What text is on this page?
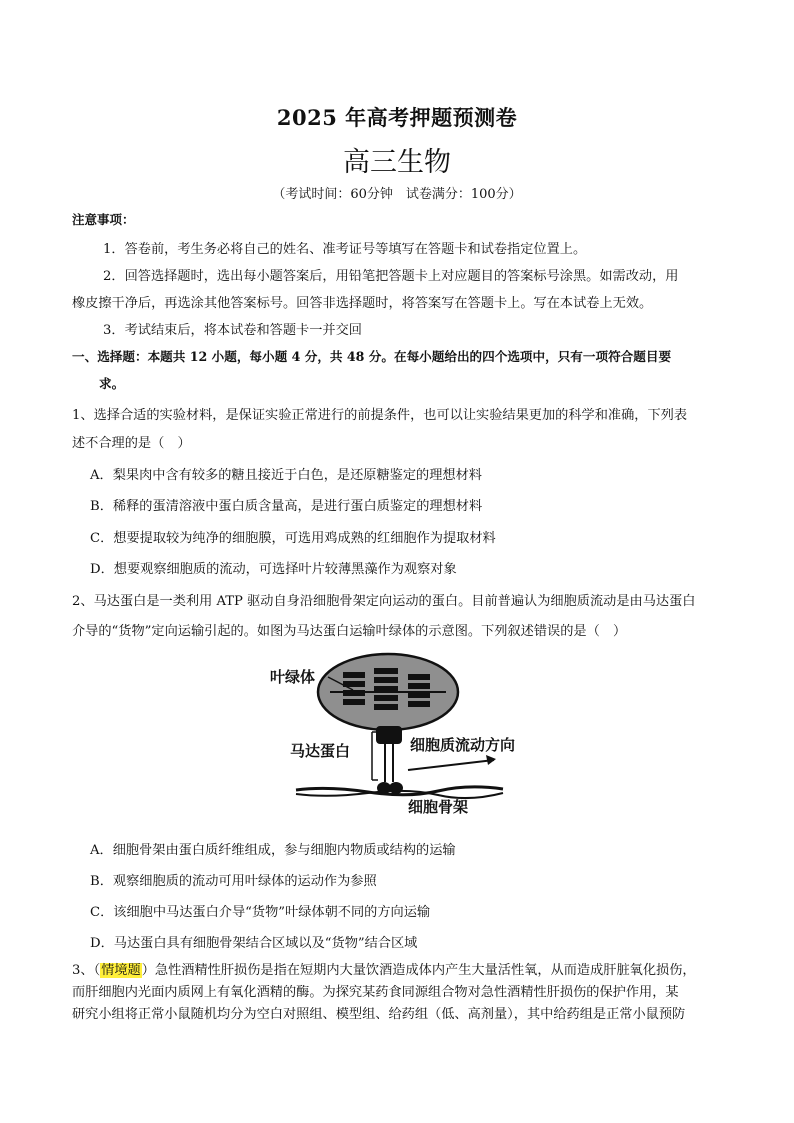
2025 年高考押题预测卷
高三生物
（考试时间：60分钟　试卷满分：100分）
注意事项：
1．答卷前，考生务必将自己的姓名、准考证号等填写在答题卡和试卷指定位置上。
2．回答选择题时，选出每小题答案后，用铅笔把答题卡上对应题目的答案标号涂黑。如需改动，用
橡皮擦干净后，再选涂其他答案标号。回答非选择题时，将答案写在答题卡上。写在本试卷上无效。
3．考试结束后，将本试卷和答题卡一并交回
一、选择题：本题共 12 小题，每小题 4 分，共 48 分。在每小题给出的四个选项中，只有一项符合题目要
求。
1、选择合适的实验材料，是保证实验正常进行的前提条件，也可以让实验结果更加的科学和准确，下列表
述不合理的是（　）
A．梨果肉中含有较多的糖且接近于白色，是还原糖鉴定的理想材料
B．稀释的蛋清溶液中蛋白质含量高，是进行蛋白质鉴定的理想材料
C．想要提取较为纯净的细胞膜，可选用鸡成熟的红细胞作为提取材料
D．想要观察细胞质的流动，可选择叶片较薄黑藻作为观察对象
2、马达蛋白是一类利用 ATP 驱动自身沿细胞骨架定向运动的蛋白。目前普遍认为细胞质流动是由马达蛋白
介导的“货物”定向运输引起的。如图为马达蛋白运输叶绿体的示意图。下列叙述错误的是（　）
叶绿体
马达蛋白	细胞质流动方向
细胞骨架
A．细胞骨架由蛋白质纤维组成，参与细胞内物质或结构的运输
B．观察细胞质的流动可用叶绿体的运动作为参照
C．该细胞中马达蛋白介导“货物”叶绿体朝不同的方向运输
D．马达蛋白具有细胞骨架结合区域以及“货物”结合区域
3、（情境题）急性酒精性肝损伤是指在短期内大量饮酒造成体内产生大量活性氧，从而造成肝脏氧化损伤，
而肝细胞内光面内质网上有氧化酒精的酶。为探究某药食同源组合物对急性酒精性肝损伤的保护作用，某
研究小组将正常小鼠随机均分为空白对照组、模型组、给药组（低、高剂量），其中给药组是正常小鼠预防
